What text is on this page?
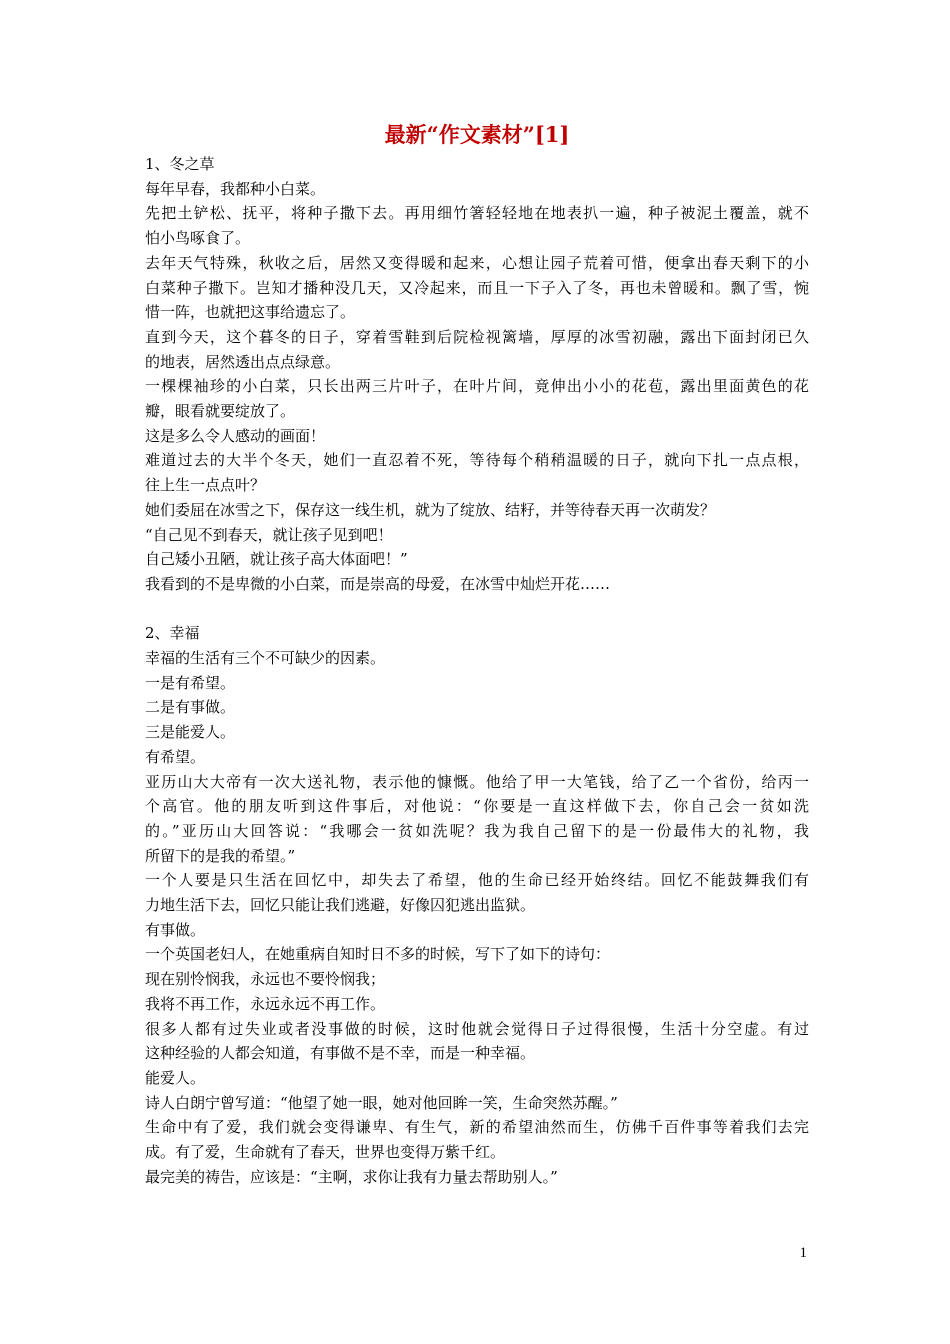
最新“作文素材”[1]
1、冬之草
每年早春，我都种小白菜。
先把土铲松、抚平，将种子撒下去。再用细竹箸轻轻地在地表扒一遍，种子被泥土覆盖，就不
怕小鸟啄食了。
去年天气特殊，秋收之后，居然又变得暖和起来，心想让园子荒着可惜，便拿出春天剩下的小
白菜种子撒下。岂知才播种没几天，又冷起来，而且一下子入了冬，再也未曾暖和。飘了雪，惋
惜一阵，也就把这事给遗忘了。
直到今天，这个暮冬的日子，穿着雪鞋到后院检视篱墙，厚厚的冰雪初融，露出下面封闭已久
的地表，居然透出点点绿意。
一棵棵袖珍的小白菜，只长出两三片叶子，在叶片间，竟伸出小小的花苞，露出里面黄色的花
瓣，眼看就要绽放了。
这是多么令人感动的画面！
难道过去的大半个冬天，她们一直忍着不死，等待每个稍稍温暖的日子，就向下扎一点点根，
往上生一点点叶？
她们委屈在冰雪之下，保存这一线生机，就为了绽放、结籽，并等待春天再一次萌发？
“自己见不到春天，就让孩子见到吧！
自己矮小丑陋，就让孩子高大体面吧！”
我看到的不是卑微的小白菜，而是崇高的母爱，在冰雪中灿烂开花……
2、幸福
幸福的生活有三个不可缺少的因素。
一是有希望。
二是有事做。
三是能爱人。
有希望。
亚历山大大帝有一次大送礼物，表示他的慷慨。他给了甲一大笔钱，给了乙一个省份，给丙一
个高官。他的朋友听到这件事后，对他说：“你要是一直这样做下去，你自己会一贫如洗
的。”亚历山大回答说：“我哪会一贫如洗呢？我为我自己留下的是一份最伟大的礼物，我
所留下的是我的希望。”
一个人要是只生活在回忆中，却失去了希望，他的生命已经开始终结。回忆不能鼓舞我们有
力地生活下去，回忆只能让我们逃避，好像囚犯逃出监狱。
有事做。
一个英国老妇人，在她重病自知时日不多的时候，写下了如下的诗句：
现在别怜悯我，永远也不要怜悯我；
我将不再工作，永远永远不再工作。
很多人都有过失业或者没事做的时候，这时他就会觉得日子过得很慢，生活十分空虚。有过
这种经验的人都会知道，有事做不是不幸，而是一种幸福。
能爱人。
诗人白朗宁曾写道：“他望了她一眼，她对他回眸一笑，生命突然苏醒。”
生命中有了爱，我们就会变得谦卑、有生气，新的希望油然而生，仿佛千百件事等着我们去完
成。有了爱，生命就有了春天，世界也变得万紫千红。
最完美的祷告，应该是：“主啊，求你让我有力量去帮助别人。”
1
